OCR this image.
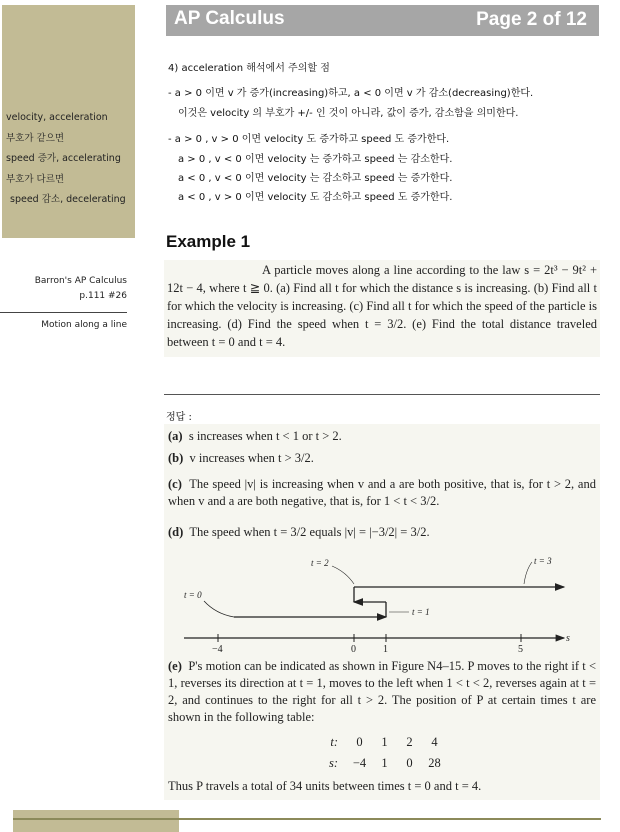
AP Calculus	Page 2 of 12
velocity, acceleration
부호가 같으면
speed 증가, accelerating
부호가 다르면
speed 감소, decelerating
Barron's AP Calculus
p.111 #26
Motion along a line
4) acceleration 해석에서 주의할 점
- a > 0 이면 v 가 증가(increasing)하고, a < 0 이면 v 가 감소(decreasing)한다.
이것은 velocity 의 부호가 +/- 인 것이 아니라, 값이 증가, 감소함을 의미한다.
- a > 0 , v > 0 이면 velocity 도 증가하고 speed 도 증가한다.
a > 0 , v < 0 이면 velocity 는 증가하고 speed 는 감소한다.
a < 0 , v < 0 이면 velocity 는 감소하고 speed 는 증가한다.
a < 0 , v > 0 이면 velocity 도 감소하고 speed 도 증가한다.
Example 1

A particle moves along a line according to the law s = 2t³ − 9t² + 12t − 4, where t ≧ 0. (a) Find all t for which the distance s is increasing. (b) Find all t for which the velocity is increasing. (c) Find all t for which the speed of the particle is increasing. (d) Find the speed when t = 3/2. (e) Find the total distance traveled between t = 0 and t = 4.

정답 :
(a) s increases when t < 1 or t > 2.
(b) v increases when t > 3/2.
(c) The speed |v| is increasing when v and a are both positive, that is, for t > 2, and when v and a are both negative, that is, for 1 < t < 3/2.
(d) The speed when t = 3/2 equals |v| = |−3/2| = 3/2.
−4	0	1	5
s
t = 0
t = 1
t = 2	t = 3
(e) P's motion can be indicated as shown in Figure N4–15. P moves to the right if t < 1, reverses its direction at t = 1, moves to the left when 1 < t < 2, reverses again at t = 2, and continues to the right for all t > 2. The position of P at certain times t are shown in the following table:
t:	0	1	2	4
s:	−4	1	0	28
Thus P travels a total of 34 units between times t = 0 and t = 4.
